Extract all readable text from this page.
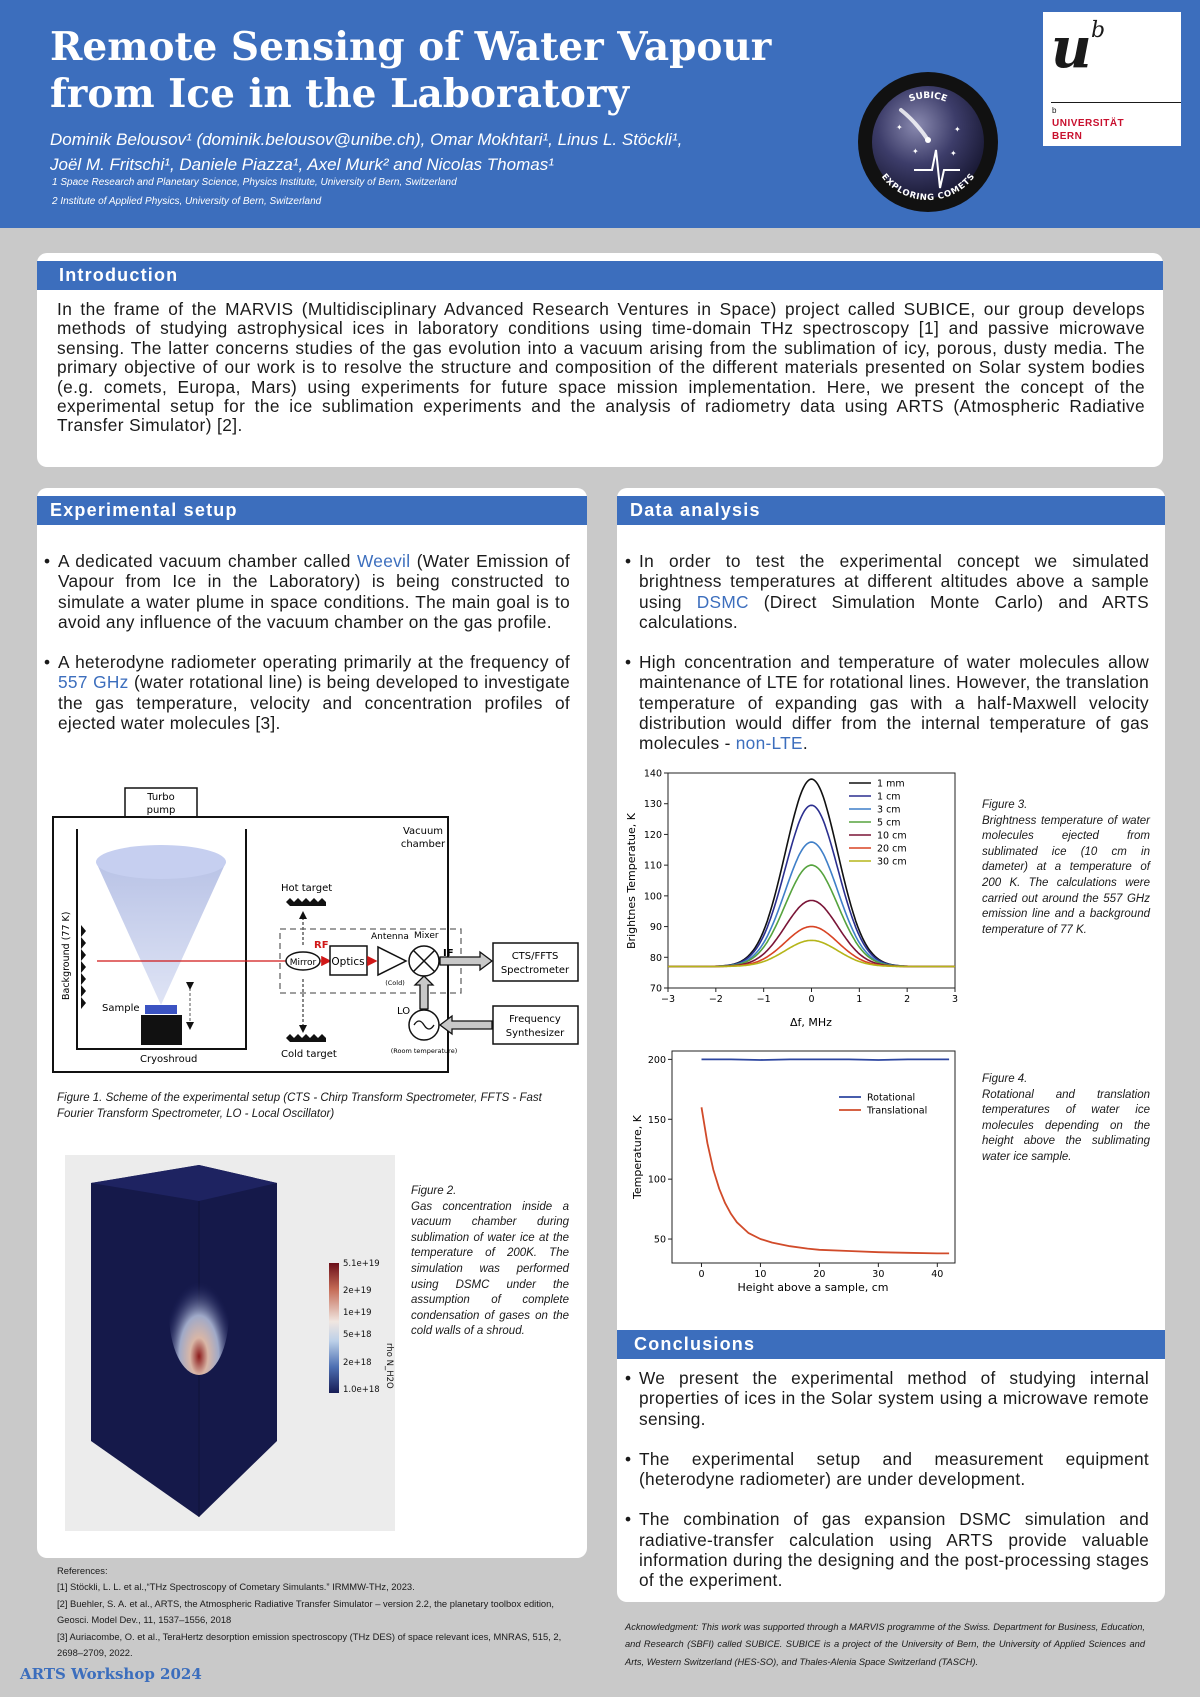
Remote Sensing of Water Vapour from Ice in the Laboratory
Dominik Belousov¹ (dominik.belousov@unibe.ch), Omar Mokhtari¹, Linus L. Stöckli¹,
Joël M. Fritschi¹, Daniele Piazza¹, Axel Murk² and Nicolas Thomas¹
1 Space Research and Planetary Science, Physics Institute, University of Bern, Switzerland
2 Institute of Applied Physics, University of Bern, Switzerland
✦	✦ ✦✦
SUBICE
EXPLORING COMETS
u b
b
UNIVERSITÄT
BERN
Introduction
In the frame of the MARVIS (Multidisciplinary Advanced Research Ventures in Space) project called SUBICE, our group develops methods of studying astrophysical ices in laboratory conditions using time-domain THz spectroscopy [1] and passive microwave sensing. The latter concerns studies of the gas evolution into a vacuum arising from the sublimation of icy, porous, dusty media. The primary objective of our work is to resolve the structure and composition of the different materials presented on Solar system bodies (e.g. comets, Europa, Mars) using experiments for future space mission implementation. Here, we present the concept of the experimental setup for the ice sublimation experiments and the analysis of radiometry data using ARTS (Atmospheric Radiative Transfer Simulator) [2].
Experimental setup
• A dedicated vacuum chamber called Weevil (Water Emission of Vapour from Ice in the Laboratory) is being constructed to simulate a water plume in space conditions. The main goal is to avoid any influence of the vacuum chamber on the gas profile.
• A heterodyne radiometer operating primarily at the frequency of 557 GHz (water rotational line) is being developed to investigate the gas temperature, velocity and concentration profiles of ejected water molecules [3].
Turbo
pump
Vacuum
chamber
Background (77 K)
Sample
Cryoshroud
Hot target
Cold target
Mirror
RF
Optics
Antenna
(Cold)
Mixer
IF	CTS/FFTS
Spectrometer
LO
(Room temperature)
Frequency
Synthesizer
Figure 1. Scheme of the experimental setup (CTS - Chirp Transform Spectrometer, FFTS - Fast Fourier Transform Spectrometer, LO - Local Oscillator)
5.1e+19
2e+19
1e+19
5e+18
2e+18
1.0e+18
rho N_H2O
Figure 2.
Gas concentration inside a vacuum chamber during sublimation of water ice at the temperature of 200K. The simulation was performed using DSMC under the assumption of complete condensation of gases on the cold walls of a shroud.
Data analysis
• In order to test the experimental concept we simulated brightness temperatures at different altitudes above a sample using DSMC (Direct Simulation Monte Carlo) and ARTS calculations.
• High concentration and temperature of water molecules allow maintenance of LTE for rotational lines. However, the translation temperature of expanding gas with a half-Maxwell velocity distribution would differ from the internal temperature of gas molecules - non-LTE.
−3	−2	−1	0	1	2	3
70
80
90
100
110
120
130
140
1 mm
1 cm
3 cm
5 cm
10 cm
20 cm
30 cm
Δf, MHz
Brightnes Temperatue, K
Figure 3.
Brightness temperature of water molecules ejected from sublimated ice (10 cm in dameter) at a temperature of 200 K. The calculations were carried out around the 557 GHz emission line and a background temperature of 77 K.
0	10	20	30	40
50
100
150
200
Rotational
Translational
Height above a sample, cm
Temperature, K
Figure 4.
Rotational and translation temperatures of water ice molecules depending on the height above the sublimating water ice sample.
Conclusions
• We present the experimental method of studying internal properties of ices in the Solar system using a microwave remote sensing.
• The experimental setup and measurement equipment (heterodyne radiometer) are under development.
• The combination of gas expansion DSMC simulation and radiative-transfer calculation using ARTS provide valuable information during the designing and the post-processing stages of the experiment.
References:
[1] Stöckli, L. L. et al.,“THz Spectroscopy of Cometary Simulants.” IRMMW-THz, 2023.
[2] Buehler, S. A. et al., ARTS, the Atmospheric Radiative Transfer Simulator – version 2.2, the planetary toolbox edition, Geosci. Model Dev., 11, 1537–1556, 2018
[3] Auriacombe, O. et al., TeraHertz desorption emission spectroscopy (THz DES) of space relevant ices, MNRAS, 515, 2, 2698–2709, 2022.
Acknowledgment: This work was supported through a MARVIS programme of the Swiss. Department for Business, Education, and Research (SBFI) called SUBICE. SUBICE is a project of the University of Bern, the University of Applied Sciences and Arts, Western Switzerland (HES-SO), and Thales-Alenia Space Switzerland (TASCH).
ARTS Workshop 2024
